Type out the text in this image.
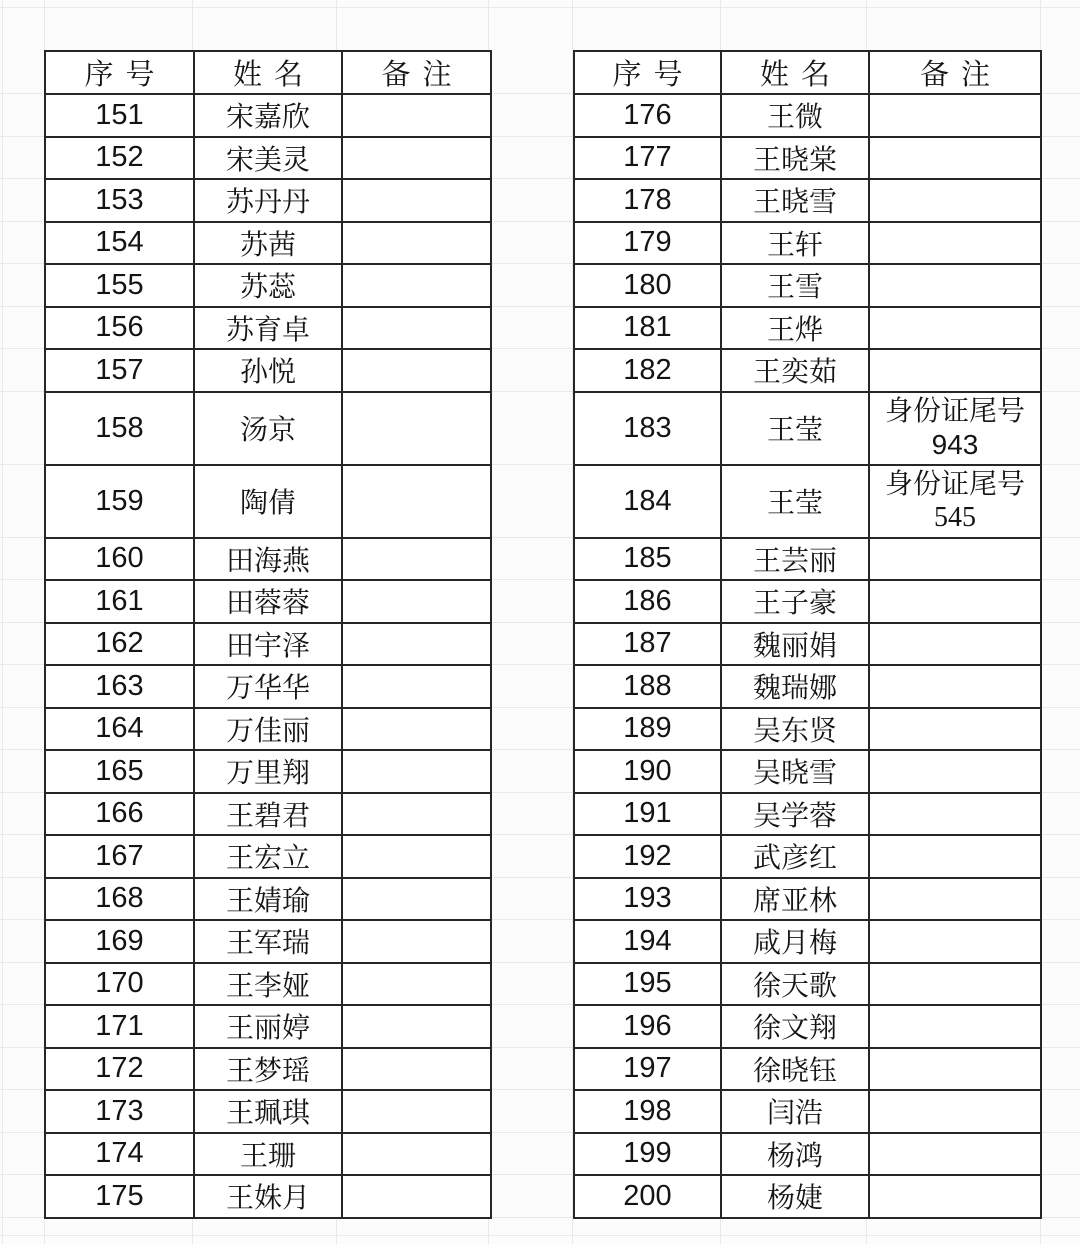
序号	姓名	备注
151	宋嘉欣	
152	宋美灵	
153	苏丹丹	
154	苏茜	
155	苏蕊	
156	苏育卓	
157	孙悦	
158	汤京	
159	陶倩	
160	田海燕	
161	田蓉蓉	
162	田宇泽	
163	万华华	
164	万佳丽	
165	万里翔	
166	王碧君	
167	王宏立	
168	王婧瑜	
169	王军瑞	
170	王李娅	
171	王丽婷	
172	王梦瑶	
173	王珮琪	
174	王珊	
175	王姝月	
序号	姓名	备注
176	王微	
177	王晓棠	
178	王晓雪	
179	王轩	
180	王雪	
181	王烨	
182	王奕茹	
183	王莹	身份证尾号
943

184	王莹	身份证尾号
545

185	王芸丽	
186	王子豪	
187	魏丽娟	
188	魏瑞娜	
189	吴东贤	
190	吴晓雪	
191	吴学蓉	
192	武彦红	
193	席亚林	
194	咸月梅	
195	徐天歌	
196	徐文翔	
197	徐晓钰	
198	闫浩	
199	杨鸿	
200	杨婕	
